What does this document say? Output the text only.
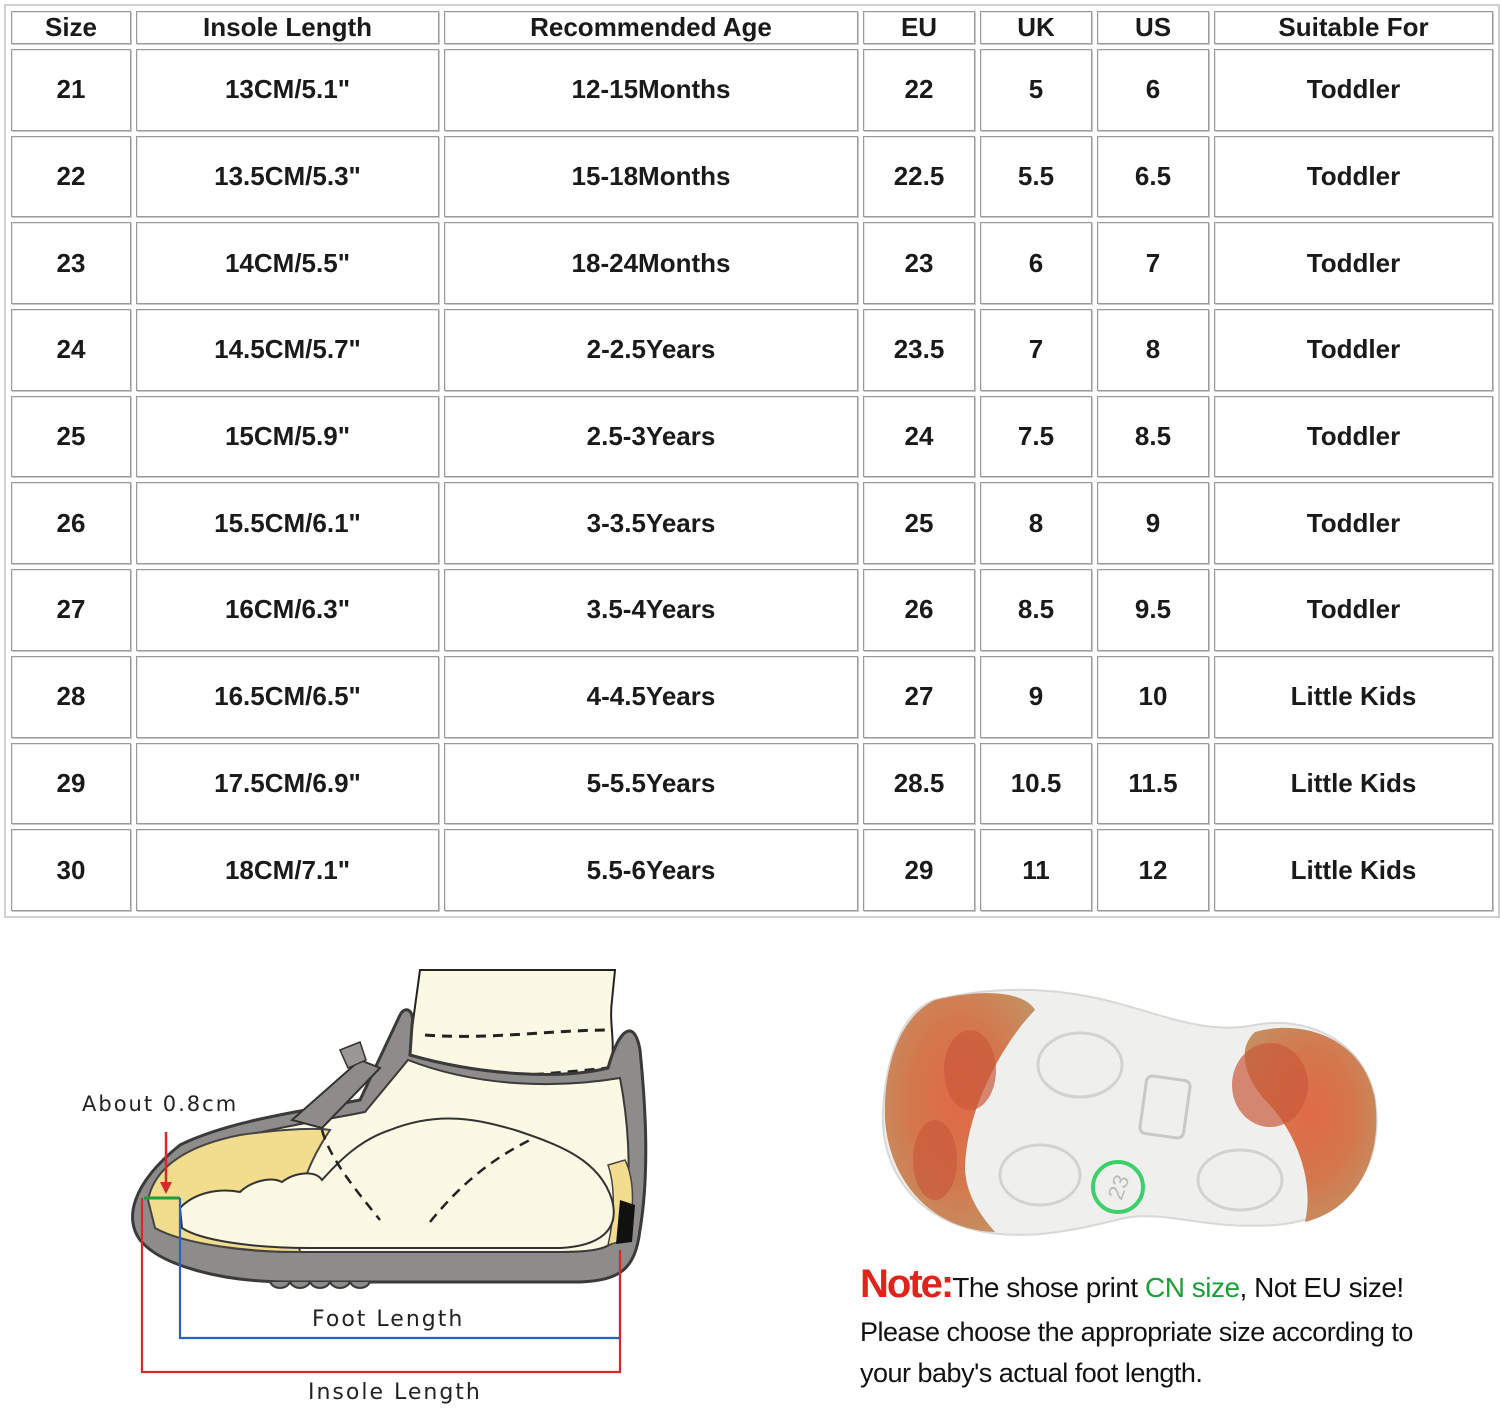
Size	Insole Length	Recommended Age	EU	UK	US	Suitable For
21	13CM/5.1"	12-15Months	22	5	6	Toddler
22	13.5CM/5.3"	15-18Months	22.5	5.5	6.5	Toddler
23	14CM/5.5"	18-24Months	23	6	7	Toddler
24	14.5CM/5.7"	2-2.5Years	23.5	7	8	Toddler
25	15CM/5.9"	2.5-3Years	24	7.5	8.5	Toddler
26	15.5CM/6.1"	3-3.5Years	25	8	9	Toddler
27	16CM/6.3"	3.5-4Years	26	8.5	9.5	Toddler
28	16.5CM/6.5"	4-4.5Years	27	9	10	Little Kids
29	17.5CM/6.9"	5-5.5Years	28.5	10.5	11.5	Little Kids
30	18CM/7.1"	5.5-6Years	29	11	12	Little Kids
About 0.8cm
Foot Length
Insole Length
23
Note:The shose print CN size, Not EU size!
Please choose the appropriate size according to
your baby's actual foot length.
